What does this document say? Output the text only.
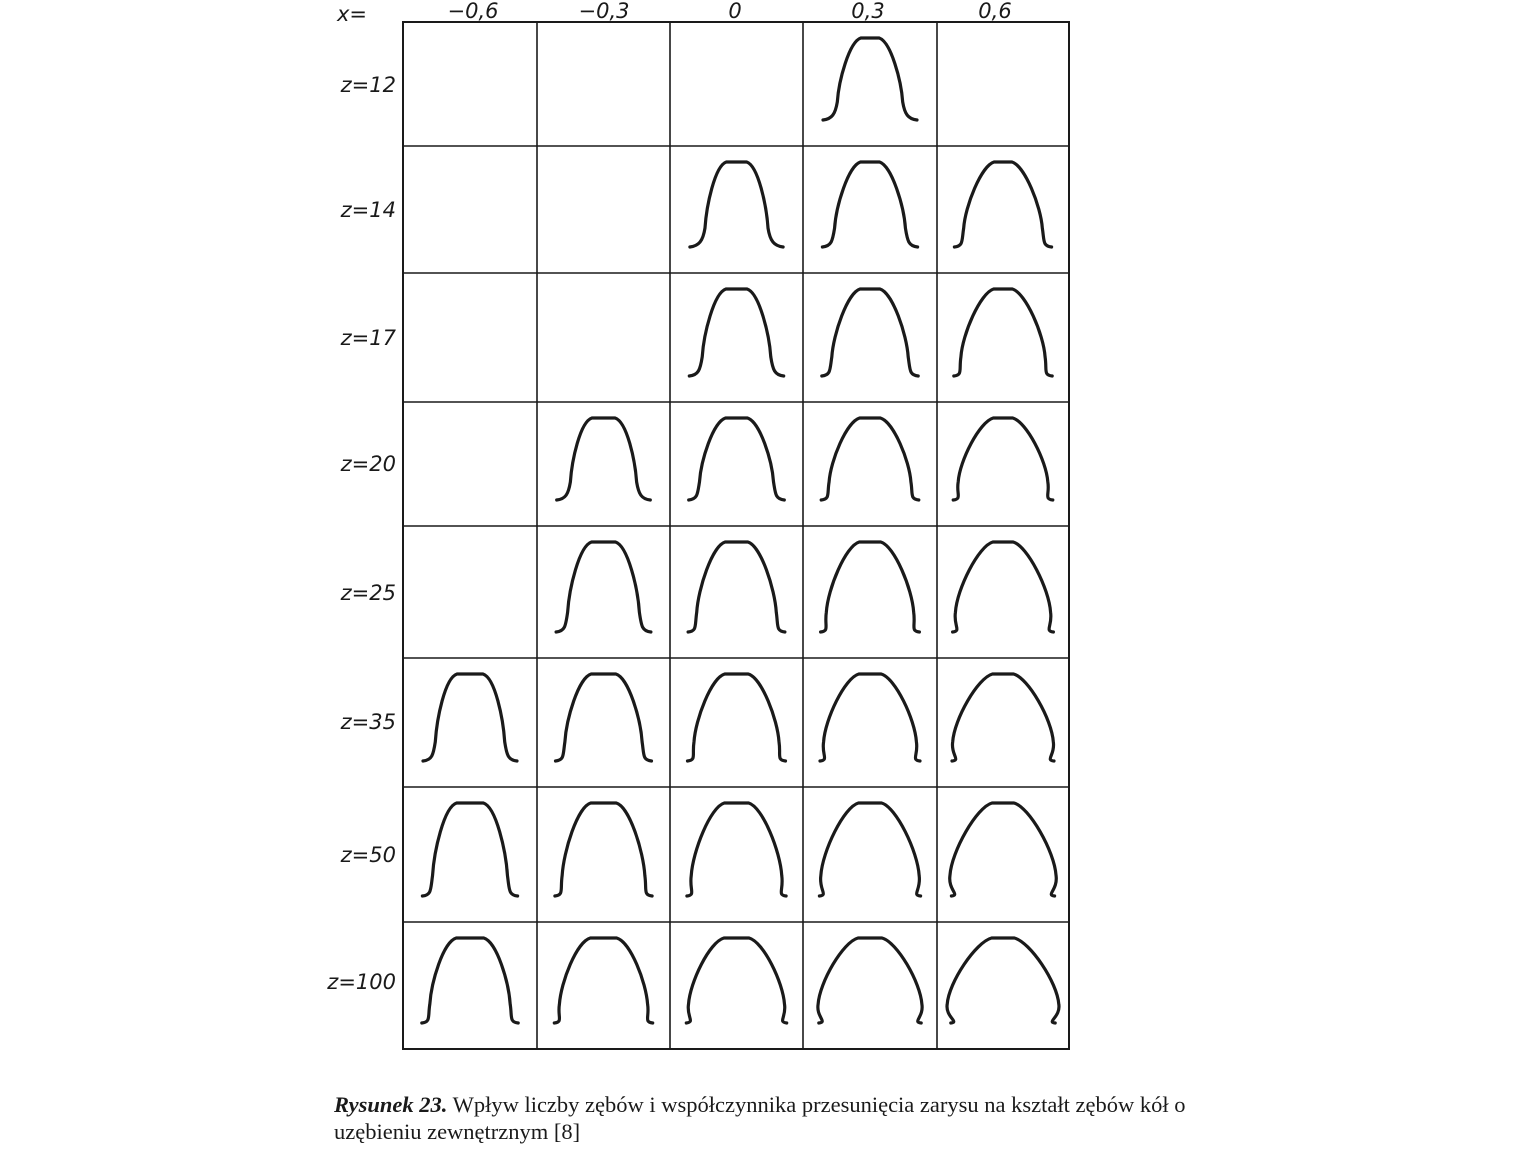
x=	−0,6	−0,3	0	0,3	0,6
z=12
z=14
z=17
z=20
z=25
z=35
z=50
z=100
Rysunek 23. Wpływ liczby zębów i współczynnika przesunięcia zarysu na kształt zębów kół o uzębieniu zewnętrznym [8]
